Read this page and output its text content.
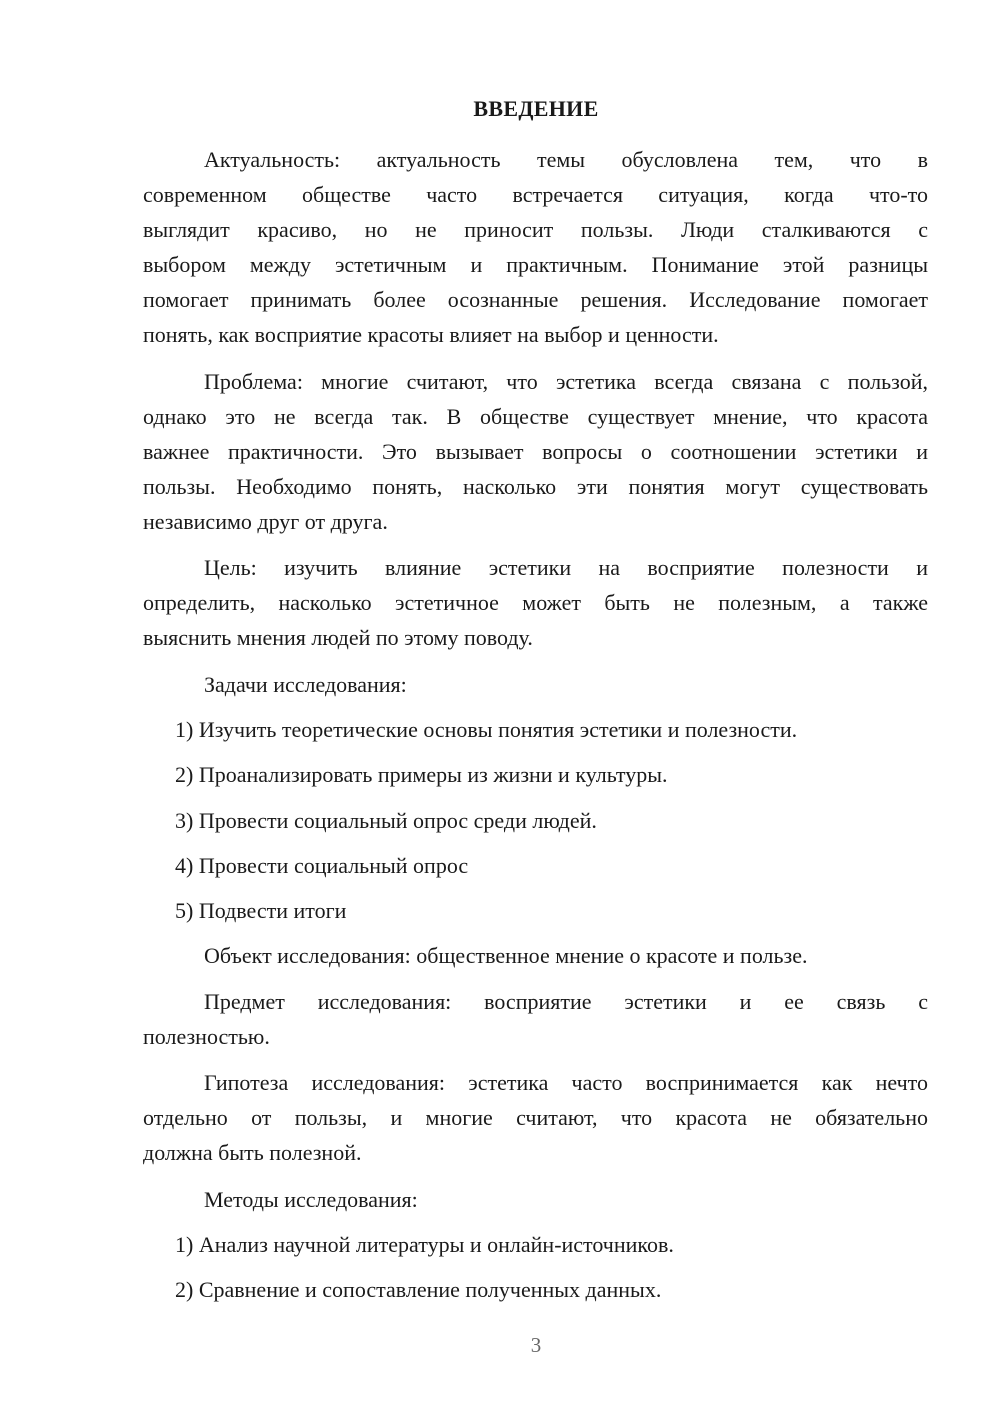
ВВЕДЕНИЕ
Актуальность: актуальность темы обусловлена тем, что в
современном обществе часто встречается ситуация, когда что-то
выглядит красиво, но не приносит пользы. Люди сталкиваются с
выбором между эстетичным и практичным. Понимание этой разницы
помогает принимать более осознанные решения. Исследование помогает
понять, как восприятие красоты влияет на выбор и ценности.
Проблема: многие считают, что эстетика всегда связана с пользой,
однако это не всегда так. В обществе существует мнение, что красота
важнее практичности. Это вызывает вопросы о соотношении эстетики и
пользы. Необходимо понять, насколько эти понятия могут существовать
независимо друг от друга.
Цель: изучить влияние эстетики на восприятие полезности и
определить, насколько эстетичное может быть не полезным, а также
выяснить мнения людей по этому поводу.
Задачи исследования:
1) Изучить теоретические основы понятия эстетики и полезности.
2) Проанализировать примеры из жизни и культуры.
3) Провести социальный опрос среди людей.
4) Провести социальный опрос
5) Подвести итоги
Объект исследования: общественное мнение о красоте и пользе.
Предмет исследования: восприятие эстетики и ее связь с
полезностью.
Гипотеза исследования: эстетика часто воспринимается как нечто
отдельно от пользы, и многие считают, что красота не обязательно
должна быть полезной.
Методы исследования:
1) Анализ научной литературы и онлайн-источников.
2) Сравнение и сопоставление полученных данных.
3
